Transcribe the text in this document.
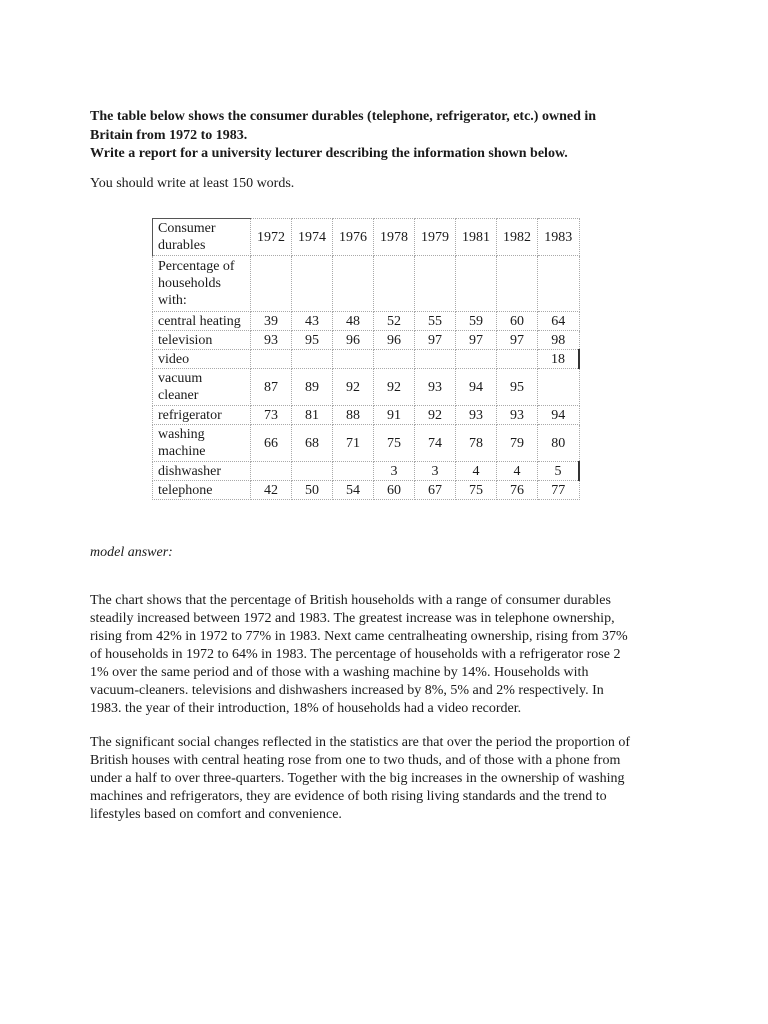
The table below shows the consumer durables (telephone, refrigerator, etc.) owned in
Britain from 1972 to 1983.
Write a report for a university lecturer describing the information shown below.

You should write at least 150 words.

Consumer
durables	1972	1974	1976	1978	1979	1981	1982	1983

Percentage of
households
with:								

central heating	39	43	48	52	55	59	60	64

television	93	95	96	96	97	97	97	98

video								18

vacuum
cleaner	87	89	92	92	93	94	95	

refrigerator	73	81	88	91	92	93	93	94

washing
machine	66	68	71	75	74	78	79	80

dishwasher				3	3	4	4	5

telephone	42	50	54	60	67	75	76	77

model answer:

The chart shows that the percentage of British households with a range of consumer durables
steadily increased between 1972 and 1983. The greatest increase was in telephone ownership,
rising from 42% in 1972 to 77% in 1983. Next came centralheating ownership, rising from 37%
of households in 1972 to 64% in 1983. The percentage of households with a refrigerator rose 2
1% over the same period and of those with a washing machine by 14%. Households with
vacuum-cleaners. televisions and dishwashers increased by 8%, 5% and 2% respectively. In
1983. the year of their introduction, 18% of households had a video recorder.
The significant social changes reflected in the statistics are that over the period the proportion of
British houses with central heating rose from one to two thuds, and of those with a phone from
under a half to over three-quarters. Together with the big increases in the ownership of washing
machines and refrigerators, they are evidence of both rising living standards and the trend to
lifestyles based on comfort and convenience.
